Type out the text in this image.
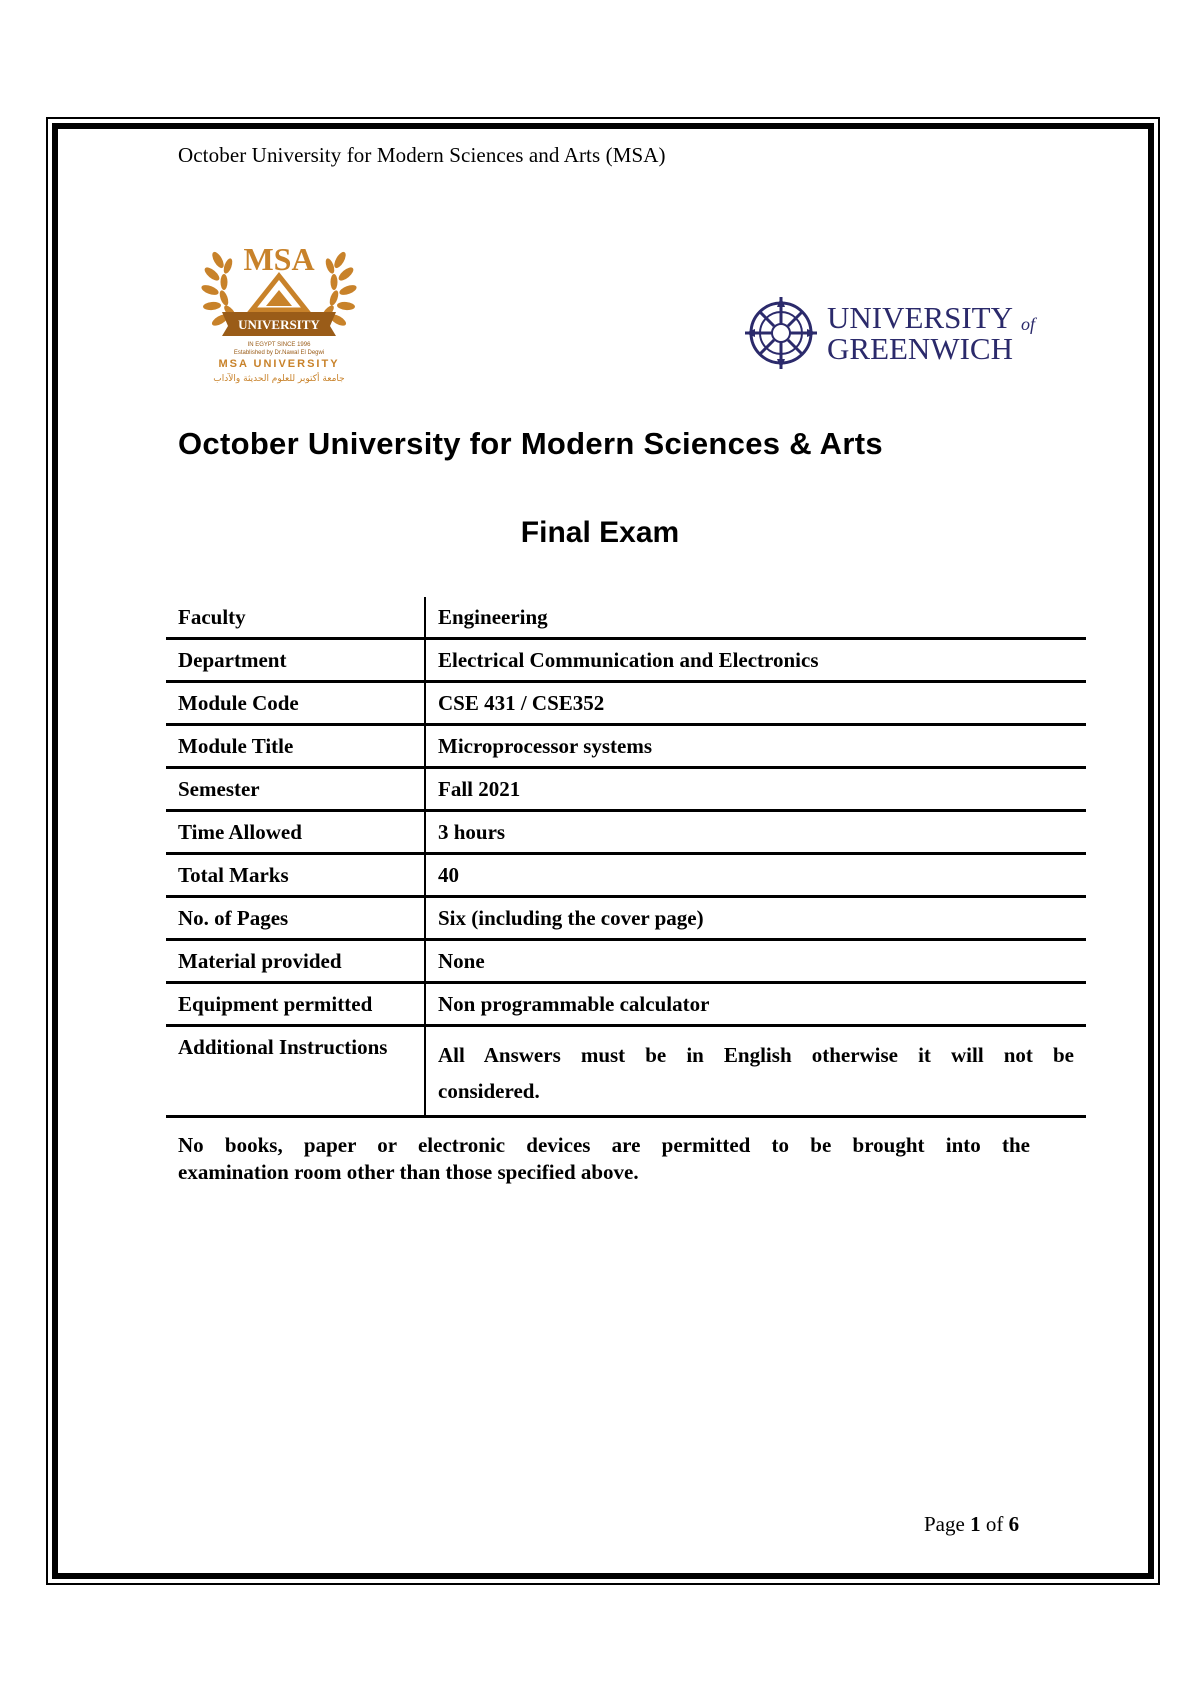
October University for Modern Sciences and Arts (MSA)
MSA
UNIVERSITY
IN EGYPT SINCE 1996
Established by Dr.Nawal El Degwi
MSA UNIVERSITY
جامعة أكتوبر للعلوم الحديثة والآداب
UNIVERSITY of
GREENWICH
October University for Modern Sciences & Arts
Final Exam
Faculty	Engineering
Department	Electrical Communication and Electronics
Module Code	CSE 431 / CSE352
Module Title	Microprocessor systems
Semester	Fall 2021
Time Allowed	3 hours
Total Marks	40
No. of Pages	Six (including the cover page)
Material provided	None
Equipment permitted	Non programmable calculator
Additional Instructions	All Answers must be in English otherwise it will not be
considered.
No books, paper or electronic devices are permitted to be brought into the
examination room other than those specified above.
Page 1 of 6
